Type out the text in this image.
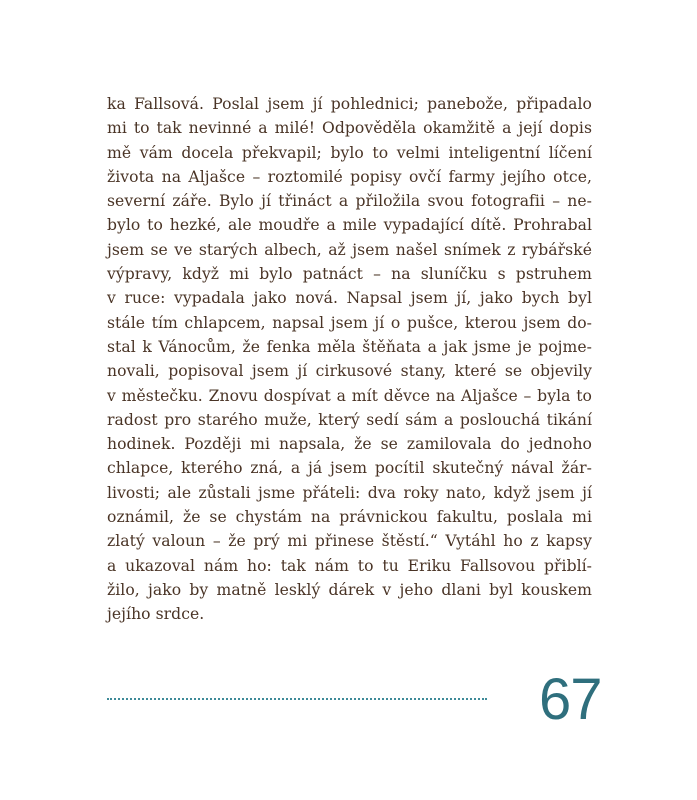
ka Fallsová. Poslal jsem jí pohlednici; panebože, připadalo
mi to tak nevinné a milé! Odpověděla okamžitě a její dopis
mě vám docela překvapil; bylo to velmi inteligentní líčení
života na Aljašce – roztomilé popisy ovčí farmy jejího otce,
severní záře. Bylo jí třináct a přiložila svou fotografii – ne-
bylo to hezké, ale moudře a mile vypadající dítě. Prohrabal
jsem se ve starých albech, až jsem našel snímek z rybářské
výpravy, když mi bylo patnáct – na sluníčku s pstruhem
v ruce: vypadala jako nová. Napsal jsem jí, jako bych byl
stále tím chlapcem, napsal jsem jí o pušce, kterou jsem do-
stal k Vánocům, že fenka měla štěňata a jak jsme je pojme-
novali, popisoval jsem jí cirkusové stany, které se objevily
v městečku. Znovu dospívat a mít děvce na Aljašce – byla to
radost pro starého muže, který sedí sám a poslouchá tikání
hodinek. Později mi napsala, že se zamilovala do jednoho
chlapce, kterého zná, a já jsem pocítil skutečný nával žár-
livosti; ale zůstali jsme přáteli: dva roky nato, když jsem jí
oznámil, že se chystám na právnickou fakultu, poslala mi
zlatý valoun – že prý mi přinese štěstí.“ Vytáhl ho z kapsy
a ukazoval nám ho: tak nám to tu Eriku Fallsovou přiblí-
žilo, jako by matně lesklý dárek v jeho dlani byl kouskem
jejího srdce.
67
